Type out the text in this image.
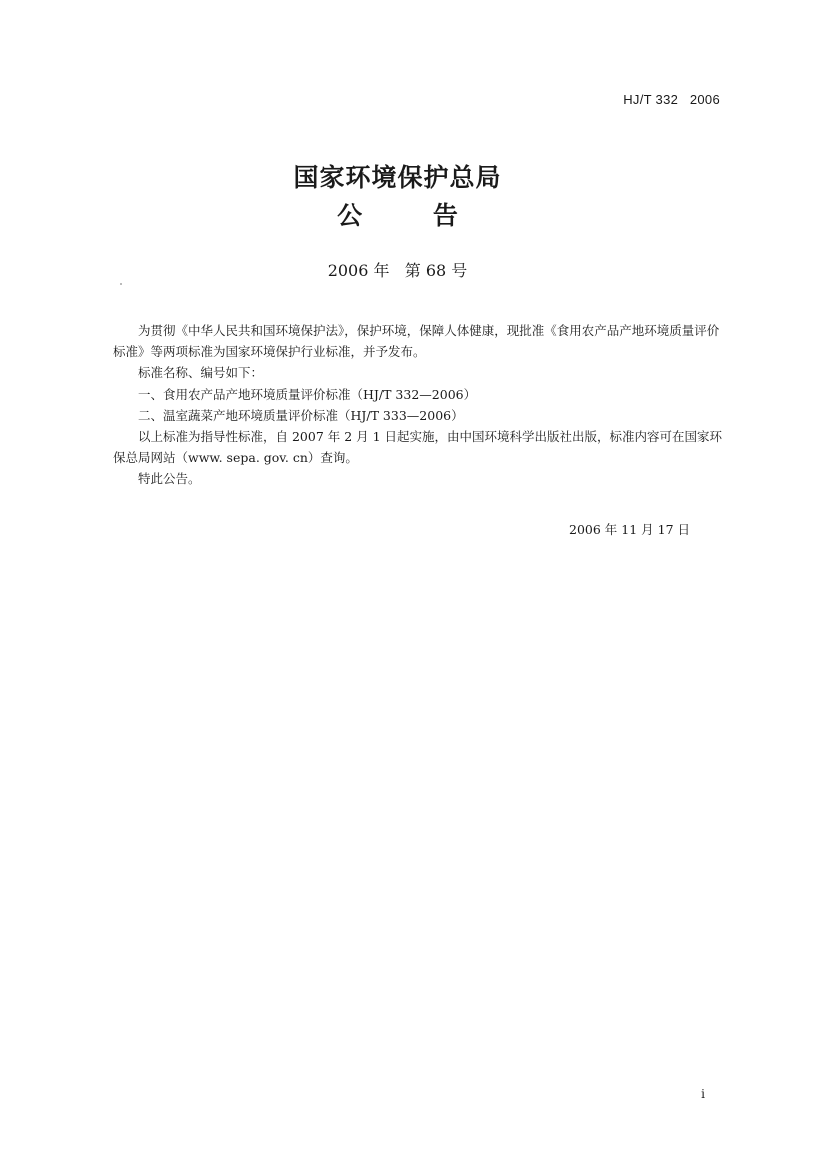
HJ/T 332   2006
国家环境保护总局
公 告
2006 年   第 68 号

为贯彻《中华人民共和国环境保护法》，保护环境，保障人体健康，现批准《食用农产品产地环境质量评价标准》等两项标准为国家环境保护行业标准，并予发布。

标准名称、编号如下：

一、食用农产品产地环境质量评价标准（HJ/T 332—2006）

二、温室蔬菜产地环境质量评价标准（HJ/T 333—2006）

以上标准为指导性标准，自 2007 年 2 月 1 日起实施，由中国环境科学出版社出版，标准内容可在国家环保总局网站（www. sepa. gov. cn）查询。

特此公告。

2006 年 11 月 17 日
i
